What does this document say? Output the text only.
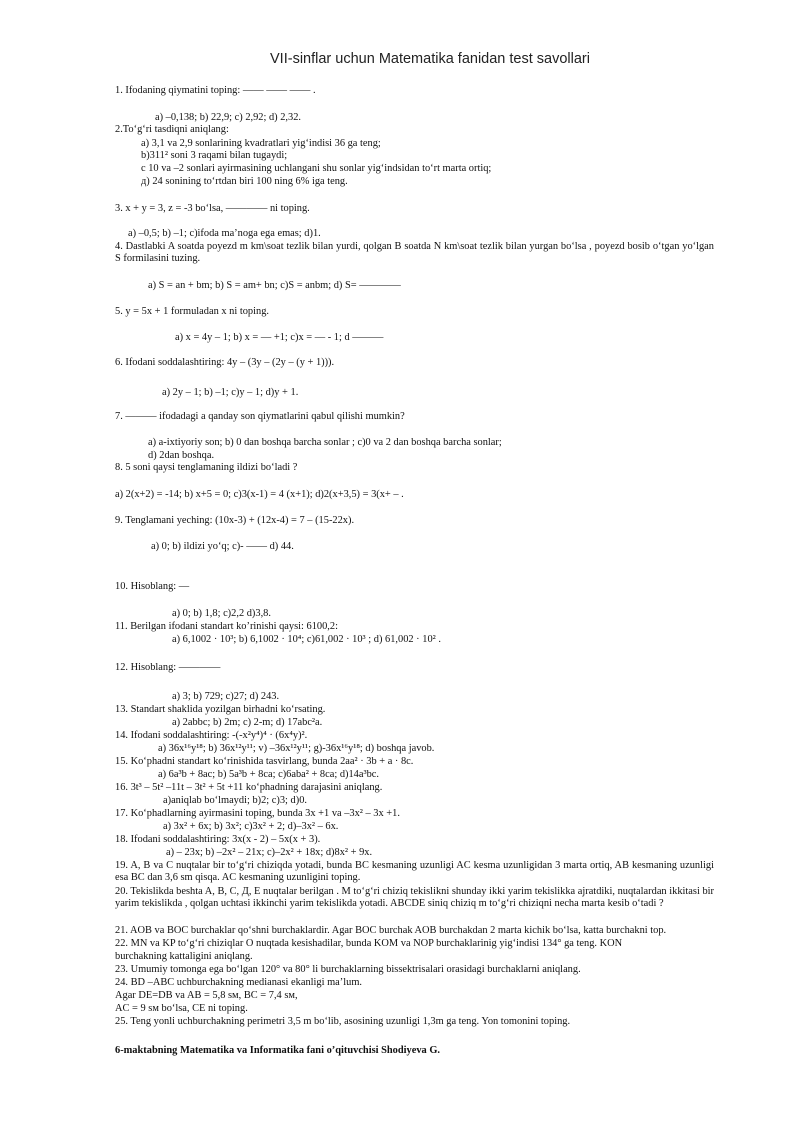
VII-sinflar uchun Matematika fanidan test savollari
1. Ifodaning qiymatini toping: —— —— —— .
a) –0,138; b) 22,9; c) 2,92; d) 2,32.
2.To‘g‘ri tasdiqni aniqlang:
a) 3,1 va 2,9 sonlarining kvadratlari yig‘indisi 36 ga teng;
b)311² soni 3 raqami bilan tugaydi;
c 10 va –2 sonlari ayirmasining uchlangani shu sonlar yig‘indsidan to‘rt marta ortiq;
д) 24 sonining to‘rtdan biri 100 ning 6% iga teng.
3. x + y = 3, z = -3 bo‘lsa, ———— ni toping.
a) –0,5; b) –1; c)ifoda ma’noga ega emas; d)1.
a) S = an + bm; b) S = am+ bn; c)S = anbm; d) S= ————
5. y = 5x + 1 formuladan x ni toping.
a) x = 4y – 1; b) x = — +1; c)x = — - 1; d ———
6. Ifodani soddalashtiring: 4y – (3y – (2y – (y + 1))).
a) 2y – 1; b) –1; c)y – 1; d)y + 1.
7. ——— ifodadagi a qanday son qiymatlarini qabul qilishi mumkin?
a) a-ixtiyoriy son; b) 0 dan boshqa barcha sonlar ; c)0 va 2 dan boshqa barcha sonlar;
d) 2dan boshqa.
8. 5 soni qaysi tenglamaning ildizi bo‘ladi ?
a) 2(x+2) = -14; b) x+5 = 0; c)3(x-1) = 4 (x+1); d)2(x+3,5) = 3(x+ – .
9. Tenglamani yeching: (10x-3) + (12x-4) = 7 – (15-22x).
a) 0; b) ildizi yo‘q; c)- —— d) 44.
10. Hisoblang: —
a) 0; b) 1,8; c)2,2 d)3,8.
11. Berilgan ifodani standart ko’rinishi qaysi: 6100,2:
a) 6,1002 · 10³; b) 6,1002 · 10⁴; c)61,002 · 10³ ; d) 61,002 · 10² .
12. Hisoblang: ————
a) 3; b) 729; c)27; d) 243.
13. Standart shaklida yozilgan birhadni ko‘rsating.
a) 2abbc; b) 2m; c) 2-m; d) 17abc²a.
14. Ifodani soddalashtiring: -(-x²y⁴)⁴ · (6x⁴y)².
a) 36x¹⁶y¹⁸; b) 36x¹²y¹¹; v) –36x¹²y¹¹; g)-36x¹⁶y¹⁸; d) boshqa javob.
15. Ko‘phadni standart ko‘rinishida tasvirlang, bunda 2aa² · 3b + a · 8c.
a) 6a³b + 8ac; b) 5a³b + 8ca; c)6aba² + 8ca; d)14a³bc.
16. 3t³ – 5t² –11t – 3t² + 5t +11 ko‘phadning darajasini aniqlang.
a)aniqlab bo‘lmaydi; b)2; c)3; d)0.
17. Ko‘phadlarning ayirmasini toping, bunda 3x +1 va –3x² – 3x +1.
a) 3x² + 6x; b) 3x²; c)3x² + 2; d)–3x² – 6x.
18. Ifodani soddalashtiring: 3x(x - 2) – 5x(x + 3).
a) – 23x; b) –2x² – 21x; c)–2x² + 18x; d)8x² + 9x.
22. MN va KP to‘g‘ri chiziqlar O nuqtada kesishadilar, bunda KOM va NOP burchaklarinig yig‘indisi 134° ga teng. KON
burchakning kattaligini aniqlang.
23. Umumiy tomonga ega bo‘lgan 120° va 80° li burchaklarning bissektrisalari orasidagi burchaklarni aniqlang.
24. BD –ABC uchburchakning medianasi ekanligi ma’lum.
Agar DE=DB va AB = 5,8 sм, BC = 7,4 sм,
AC = 9 sм bo‘lsa, CE ni toping.
25. Teng yonli uchburchakning perimetri 3,5 m bo‘lib, asosining uzunligi 1,3m ga teng. Yon tomonini toping.
4. Dastlabki A soatda poyezd m km\soat tezlik bilan yurdi, qolgan B soatda N km\soat tezlik bilan yurgan bo‘lsa , poyezd bosib o‘tgan yo‘lgan S formilasini tuzing.
19. A, B va C nuqtalar bir to‘g‘ri chiziqda yotadi, bunda BC kesmaning uzunligi AC kesma uzunligidan 3 marta ortiq, AB kesmaning uzunligi esa BC dan 3,6 sm qisqa. AC kesmaning uzunligini toping.
20. Tekislikda beshta A, B, C, Д, E nuqtalar berilgan . M to‘g‘ri chiziq tekislikni shunday ikki yarim tekislikka ajratdiki, nuqtalardan ikkitasi bir yarim tekislikda , qolgan uchtasi ikkinchi yarim tekislikda yotadi. ABCDE siniq chiziq m to‘g‘ri chiziqni necha marta kesib o‘tadi ?
21. AOB va BOC burchaklar qo‘shni burchaklardir. Agar BOC burchak AOB burchakdan 2 marta kichik bo‘lsa, katta burchakni top.
6-maktabning Matematika va Informatika fani o’qituvchisi Shodiyeva G.
